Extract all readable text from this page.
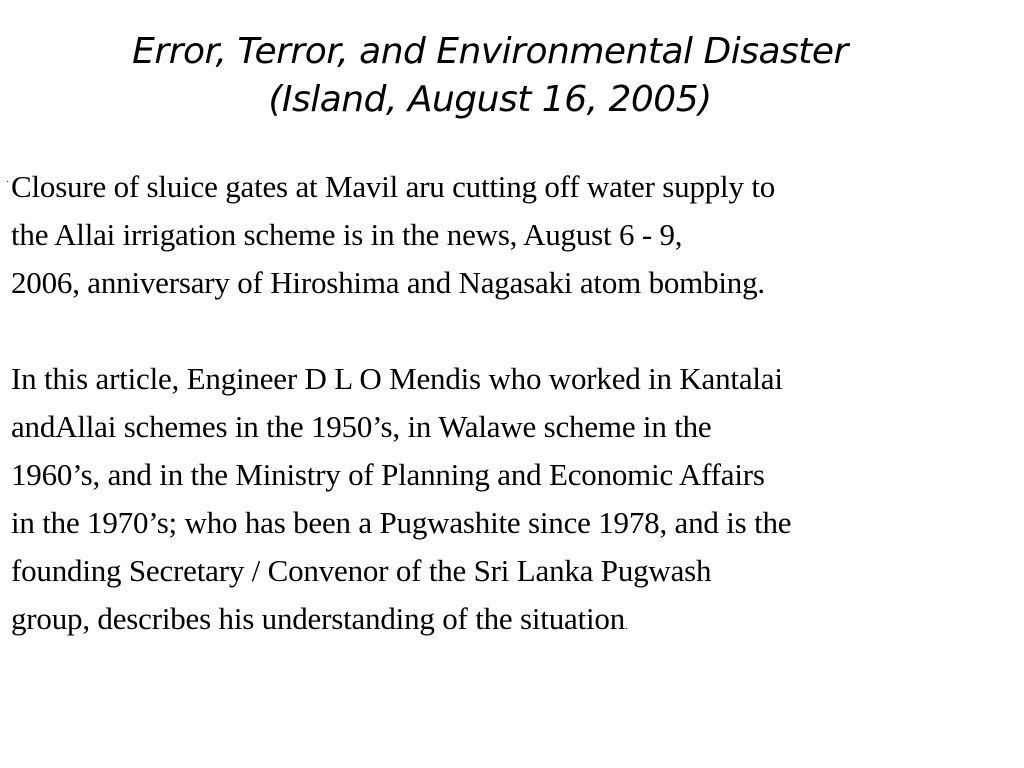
Error, Terror, and Environmental Disaster
(Island, August 16, 2005)
· Closure of sluice gates at Mavil aru cutting off water supply to
the Allai irrigation scheme is in the news, August 6 - 9,
2006, anniversary of Hiroshima and Nagasaki atom bombing.

In this article, Engineer D L O Mendis who worked in Kantalai
andAllai schemes in the 1950’s, in Walawe scheme in the
1960’s, and in the Ministry of Planning and Economic Affairs
in the 1970’s; who has been a Pugwashite since 1978, and is the
founding Secretary / Convenor of the Sri Lanka Pugwash
group, describes his understanding of the situation.
